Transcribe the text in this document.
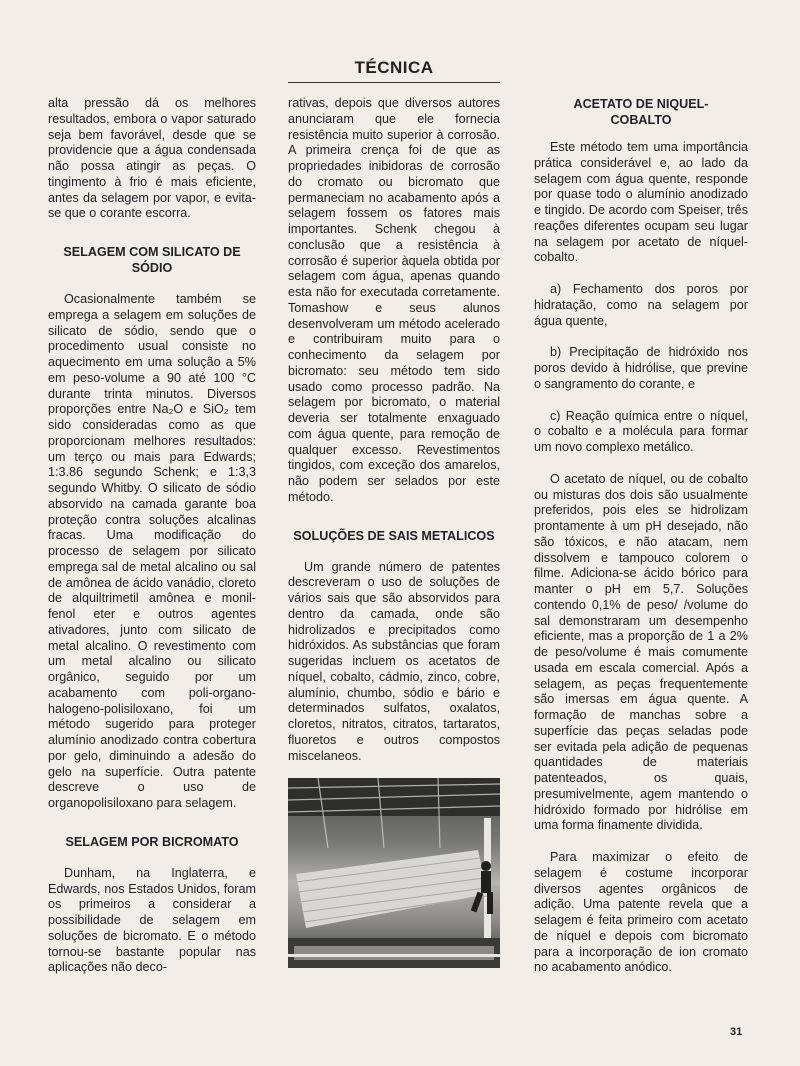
TÉCNICA

alta pressão dá os melhores resultados, embora o vapor saturado seja bem favorável, desde que se providencie que a água condensada não possa atingir as peças. O tingimento à frio é mais eficiente, antes da selagem por vapor, e evita-se que o corante escorra.

SELAGEM COM SILICATO DE SÓDIO

Ocasionalmente também se emprega a selagem em soluções de silicato de sódio, sendo que o procedimento usual consiste no aquecimento em uma solução a 5% em peso-volume a 90 até 100 °C durante trinta minutos. Diversos proporções entre Na₂O e SiO₂ tem sido consideradas como as que proporcionam melhores resultados: um terço ou mais para Edwards; 1:3.86 segundo Schenk; e 1:3,3 segundo Whitby. O silicato de sódio absorvido na camada garante boa proteção contra soluções alcalinas fracas. Uma modificação do processo de selagem por silicato emprega sal de metal alcalino ou sal de amônea de ácido vanádio, cloreto de alquiltrimetil amônea e monil-fenol eter e outros agentes ativadores, junto com silicato de metal alcalino. O revestimento com um metal alcalino ou silicato orgânico, seguido por um acabamento com poli-organo-halogeno-polisiloxano, foi um método sugerido para proteger alumínio anodizado contra cobertura por gelo, diminuindo a adesão do gelo na superfície. Outra patente descreve o uso de organopolisiloxano para selagem.

SELAGEM POR BICROMATO

Dunham, na Inglaterra, e Edwards, nos Estados Unidos, foram os primeiros a considerar a possibilidade de selagem em soluções de bicromato. E o método tornou-se bastante popular nas aplicações não deco-

rativas, depois que diversos autores anunciaram que ele fornecia resistência muito superior à corrosão. A primeira crença foi de que as propriedades inibidoras de corrosão do cromato ou bicromato que permaneciam no acabamento após a selagem fossem os fatores mais importantes. Schenk chegou à conclusão que a resistência à corrosão é superior àquela obtida por selagem com água, apenas quando esta não for executada corretamente. Tomashow e seus alunos desenvolveram um método acelerado e contribuiram muito para o conhecimento da selagem por bicromato: seu método tem sido usado como processo padrão. Na selagem por bicromato, o material deveria ser totalmente enxaguado com água quente, para remoção de qualquer excesso. Revestimentos tingidos, com exceção dos amarelos, não podem ser selados por este método.

SOLUÇÕES DE SAIS METALICOS

Um grande número de patentes descreveram o uso de soluções de vários sais que são absorvidos para dentro da camada, onde são hidrolizados e precipitados como hidróxidos. As substâncias que foram sugeridas incluem os acetatos de níquel, cobalto, cádmio, zinco, cobre, alumínio, chumbo, sódio e bário e determinados sulfatos, oxalatos, cloretos, nitratos, citratos, tartaratos, fluoretos e outros compostos miscelaneos.

ACETATO DE NIQUEL-COBALTO

Este método tem uma importância prática considerável e, ao lado da selagem com água quente, responde por quase todo o alumínio anodizado e tingido. De acordo com Speiser, três reações diferentes ocupam seu lugar na selagem por acetato de níquel-cobalto.

a) Fechamento dos poros por hidratação, como na selagem por água quente,

b) Precipitação de hidróxido nos poros devido à hidrólise, que previne o sangramento do corante, e

c) Reação química entre o níquel, o cobalto e a molécula para formar um novo complexo metálico.

O acetato de níquel, ou de cobalto ou misturas dos dois são usualmente preferidos, pois eles se hidrolizam prontamente à um pH desejado, não são tóxicos, e não atacam, nem dissolvem e tampouco colorem o filme. Adiciona-se ácido bórico para manter o pH em 5,7. Soluções contendo 0,1% de peso/ /volume do sal demonstraram um desempenho eficiente, mas a proporção de 1 a 2% de peso/volume é mais comumente usada em escala comercial. Após a selagem, as peças frequentemente são imersas em água quente. A formação de manchas sobre a superfície das peças seladas pode ser evitada pela adição de pequenas quantidades de materiais patenteados, os quais, presumivelmente, agem mantendo o hidróxido formado por hidrólise em uma forma finamente dividida.

Para maximizar o efeito de selagem é costume incorporar diversos agentes orgânicos de adição. Uma patente revela que a selagem é feita primeiro com acetato de níquel e depois com bicromato para a incorporação de ion cromato no acabamento anódico.

31
